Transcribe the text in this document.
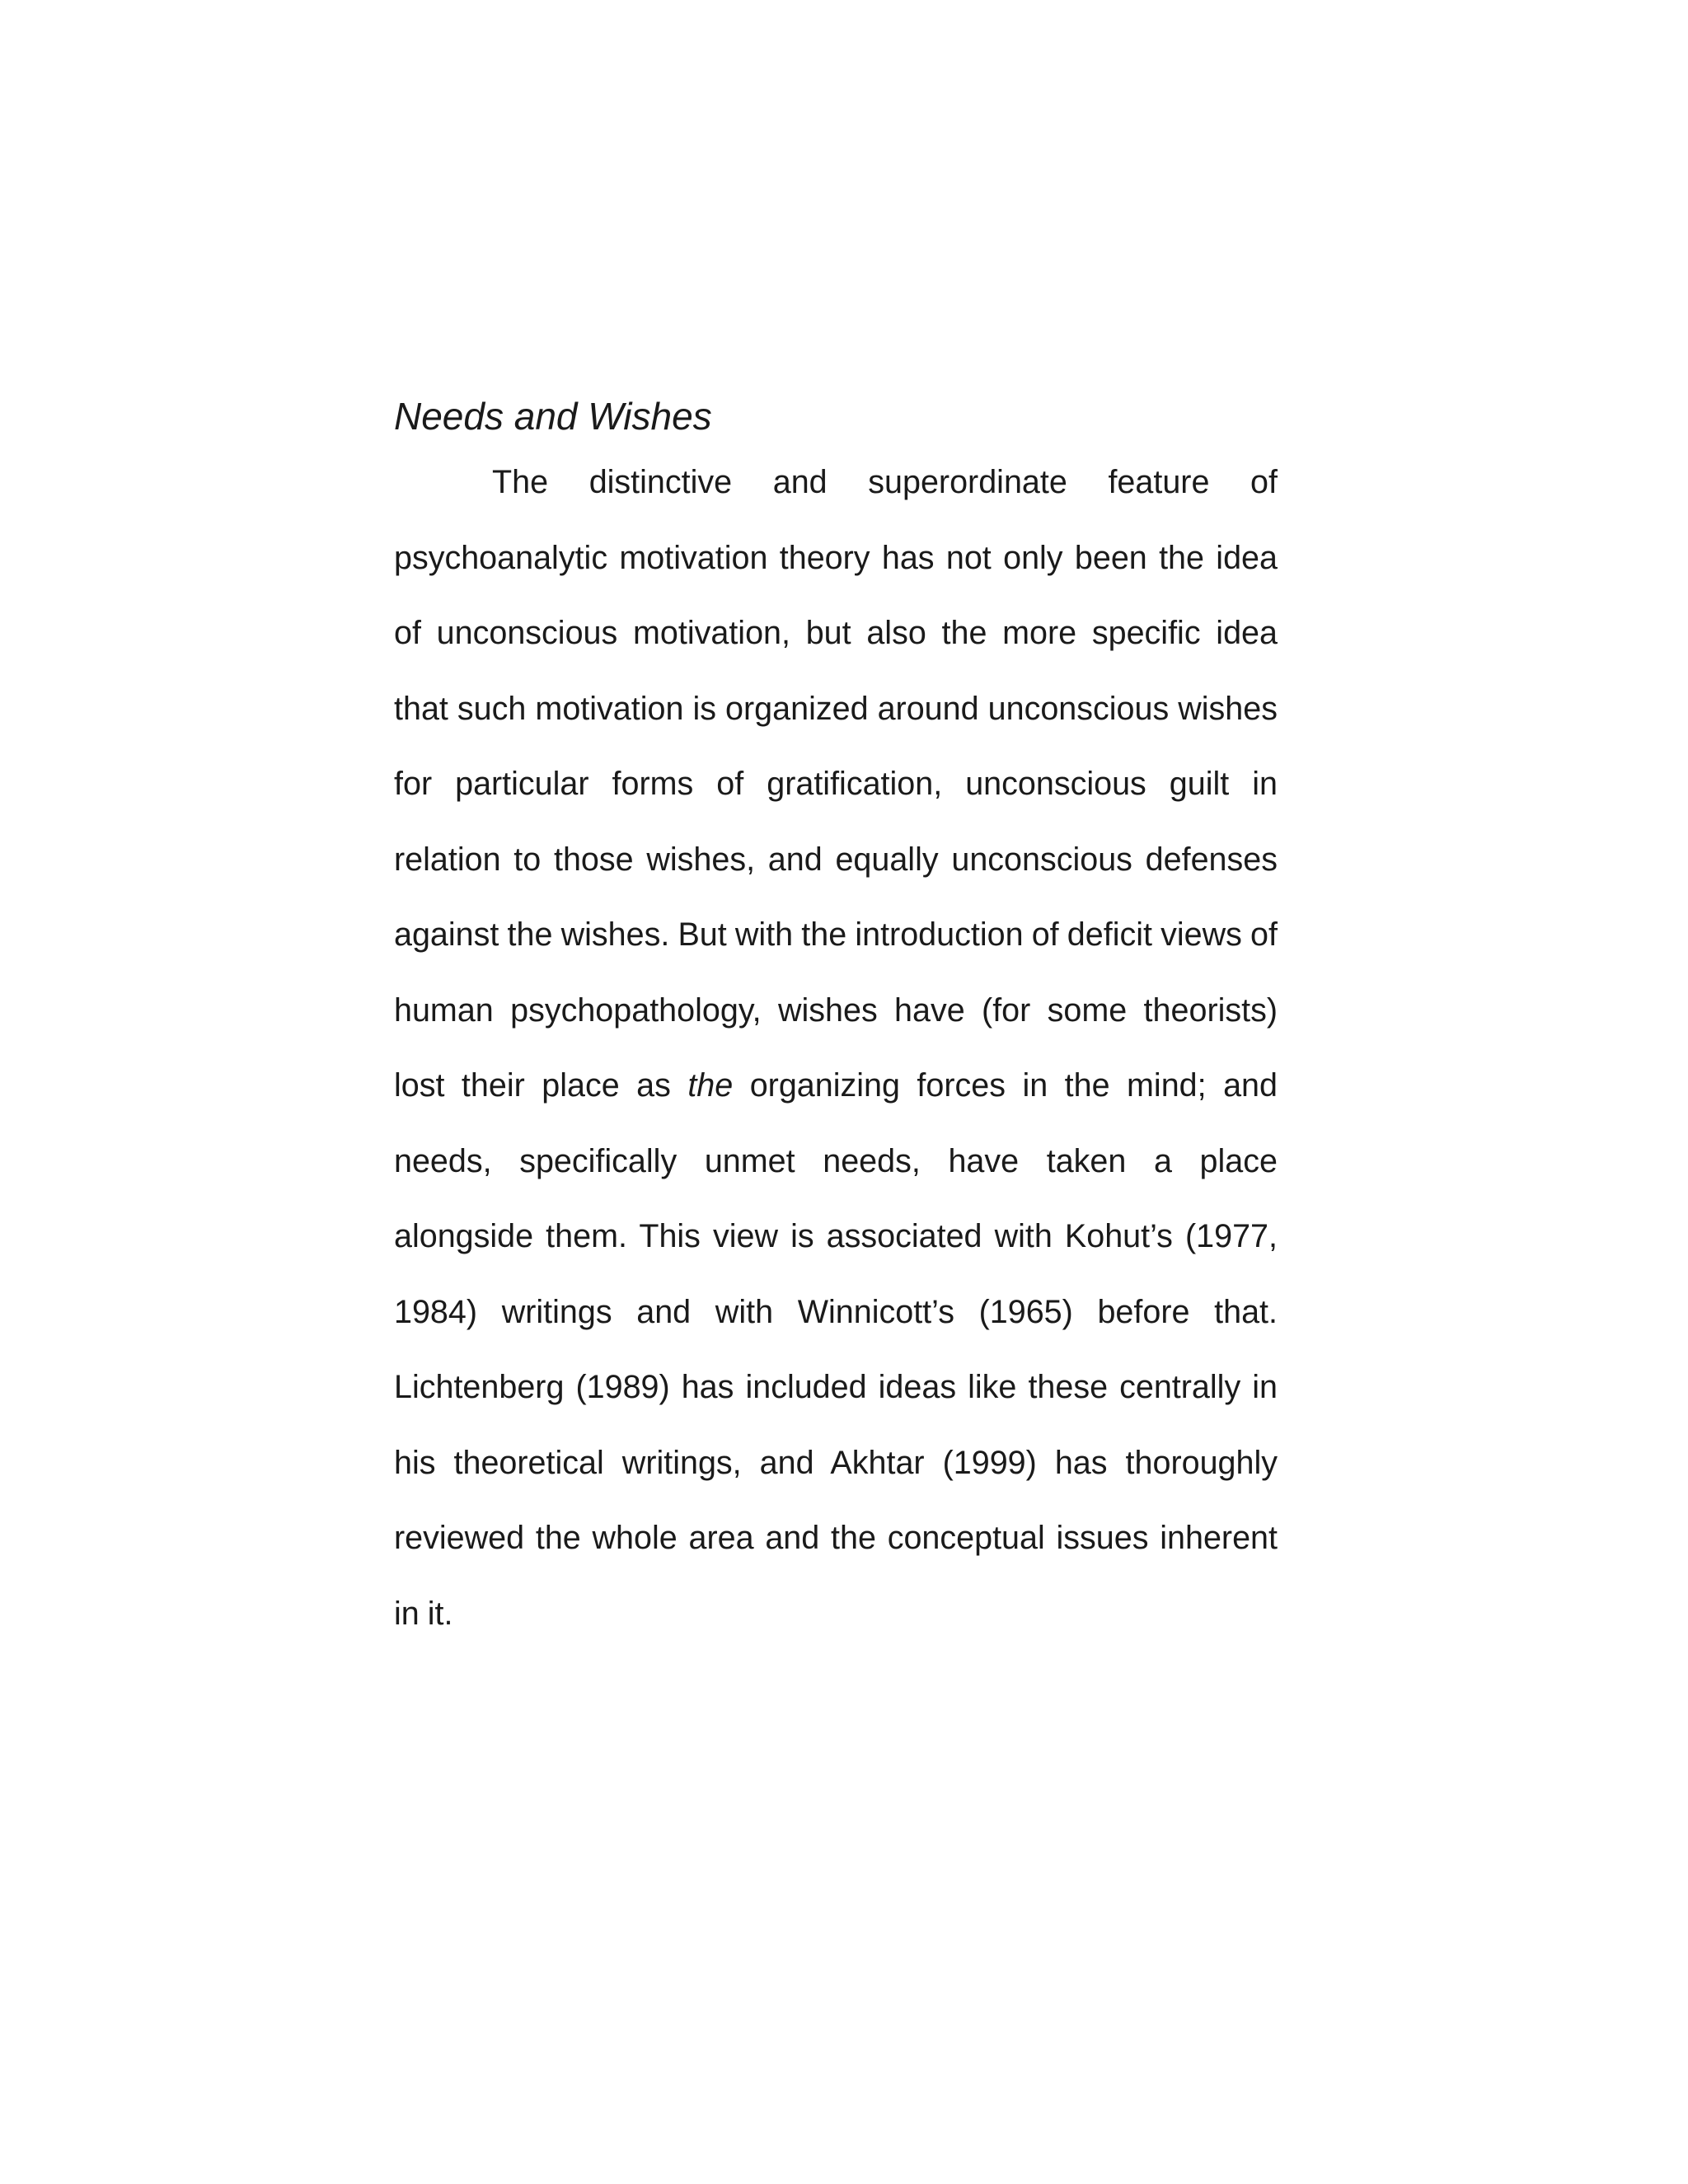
Needs and Wishes

The distinctive and superordinate feature of psychoanalytic motivation theory has not only been the idea of unconscious motivation, but also the more specific idea that such motivation is organized around unconscious wishes for particular forms of gratification, unconscious guilt in relation to those wishes, and equally unconscious defenses against the wishes. But with the introduction of deficit views of human psychopathology, wishes have (for some theorists) lost their place as the organizing forces in the mind; and needs, specifically unmet needs, have taken a place alongside them. This view is associated with Kohut’s (1977, 1984) writings and with Winnicott’s (1965) before that. Lichtenberg (1989) has included ideas like these centrally in his theoretical writings, and Akhtar (1999) has thoroughly reviewed the whole area and the conceptual issues inherent in it.
